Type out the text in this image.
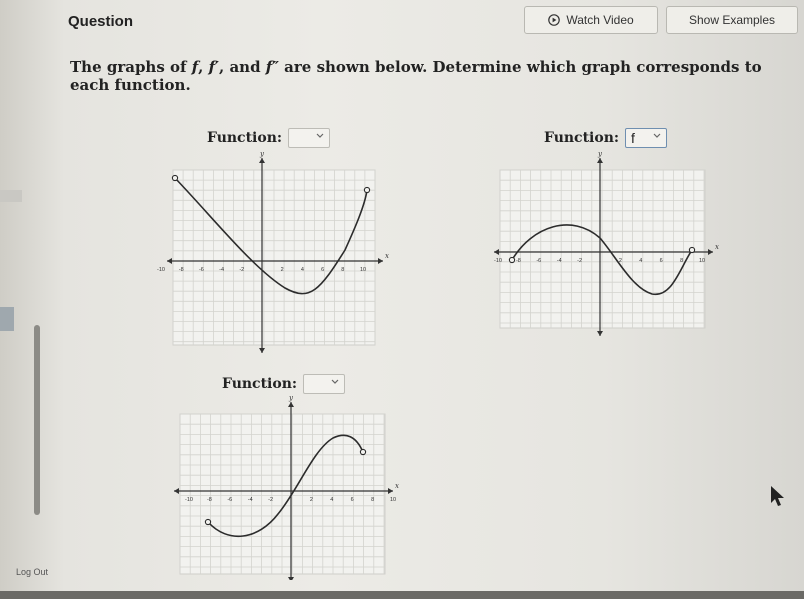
Question	Watch Video	Show Examples
The graphs of f, f′, and f″ are shown below. Determine which graph corresponds to each function.
Function:
x
y
-10	-8	-6	-4	-2	2	4	6	8	10
Function: f
x
y
-10	-8	-6	-4	-2	2	4	6	8	10
Function:
x
y
-10	-8	-6	-4	-2	2	4	6	8	10
Log Out
